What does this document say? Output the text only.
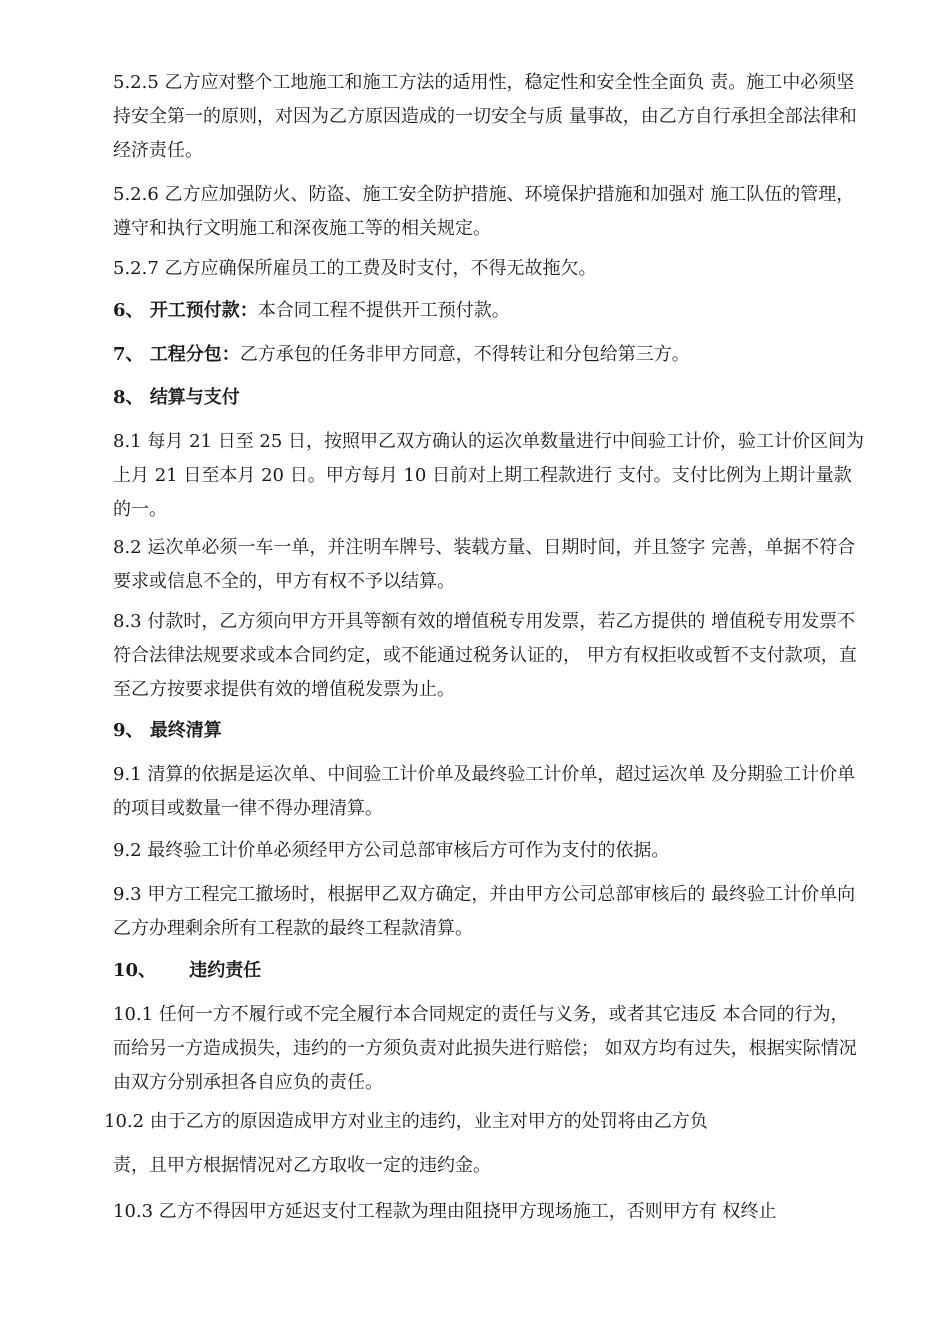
5.2.5 乙方应对整个工地施工和施工方法的适用性，稳定性和安全性全面负 责。施工中必须坚持安全第一的原则，对因为乙方原因造成的一切安全与质 量事故，由乙方自行承担全部法律和经济责任。
5.2.6 乙方应加强防火、防盗、施工安全防护措施、环境保护措施和加强对 施工队伍的管理，遵守和执行文明施工和深夜施工等的相关规定。
5.2.7 乙方应确保所雇员工的工费及时支付，不得无故拖欠。
6、 开工预付款：本合同工程不提供开工预付款。
7、 工程分包：乙方承包的任务非甲方同意，不得转让和分包给第三方。
8、 结算与支付
8.1 每月 21 日至 25 日，按照甲乙双方确认的运次单数量进行中间验工计价，验工计价区间为上月 21 日至本月 20 日。甲方每月 10 日前对上期工程款进行 支付。支付比例为上期计量款的一。
8.2 运次单必须一车一单，并注明车牌号、装载方量、日期时间，并且签字 完善，单据不符合要求或信息不全的，甲方有权不予以结算。
8.3 付款时，乙方须向甲方开具等额有效的增值税专用发票，若乙方提供的 增值税专用发票不符合法律法规要求或本合同约定，或不能通过税务认证的， 甲方有权拒收或暂不支付款项，直至乙方按要求提供有效的增值税发票为止。
9、 最终清算
9.1 清算的依据是运次单、中间验工计价单及最终验工计价单，超过运次单 及分期验工计价单的项目或数量一律不得办理清算。
9.2 最终验工计价单必须经甲方公司总部审核后方可作为支付的依据。
9.3 甲方工程完工撤场时，根据甲乙双方确定，并由甲方公司总部审核后的 最终验工计价单向乙方办理剩余所有工程款的最终工程款清算。
10、 违约责任
10.1 任何一方不履行或不完全履行本合同规定的责任与义务，或者其它违反 本合同的行为，而给另一方造成损失，违约的一方须负责对此损失进行赔偿； 如双方均有过失，根据实际情况由双方分别承担各自应负的责任。
10.2 由于乙方的原因造成甲方对业主的违约，业主对甲方的处罚将由乙方负
责，且甲方根据情况对乙方取收一定的违约金。
10.3 乙方不得因甲方延迟支付工程款为理由阻挠甲方现场施工，否则甲方有 权终止
